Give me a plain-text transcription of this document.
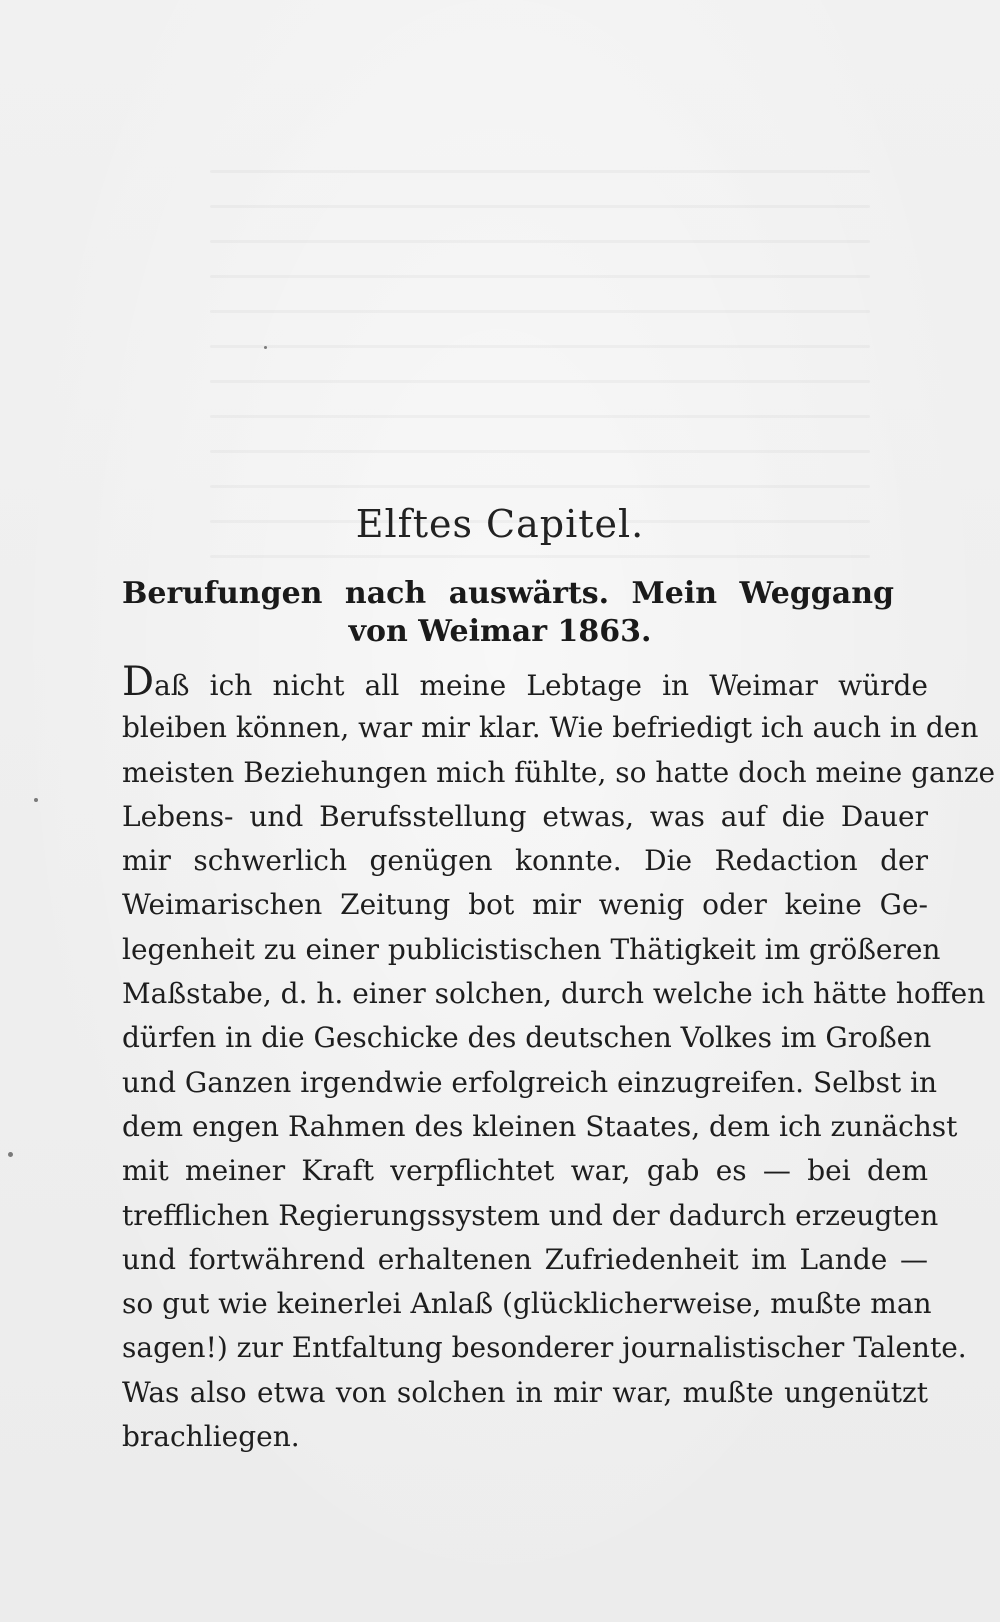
Elftes Capitel.
Berufungen nach auswärts. Mein Weggang
von Weimar 1863.
Daß ich nicht all meine Lebtage in Weimar würde
bleiben können, war mir klar. Wie befriedigt ich auch in den
meisten Beziehungen mich fühlte, so hatte doch meine ganze
Lebens- und Berufsstellung etwas, was auf die Dauer
mir schwerlich genügen konnte. Die Redaction der
Weimarischen Zeitung bot mir wenig oder keine Ge-
legenheit zu einer publicistischen Thätigkeit im größeren
Maßstabe, d. h. einer solchen, durch welche ich hätte hoffen
dürfen in die Geschicke des deutschen Volkes im Großen
und Ganzen irgendwie erfolgreich einzugreifen. Selbst in
dem engen Rahmen des kleinen Staates, dem ich zunächst
mit meiner Kraft verpflichtet war, gab es — bei dem
trefflichen Regierungssystem und der dadurch erzeugten
und fortwährend erhaltenen Zufriedenheit im Lande —
so gut wie keinerlei Anlaß (glücklicherweise, mußte man
sagen!) zur Entfaltung besonderer journalistischer Talente.
Was also etwa von solchen in mir war, mußte ungenützt
brachliegen.
